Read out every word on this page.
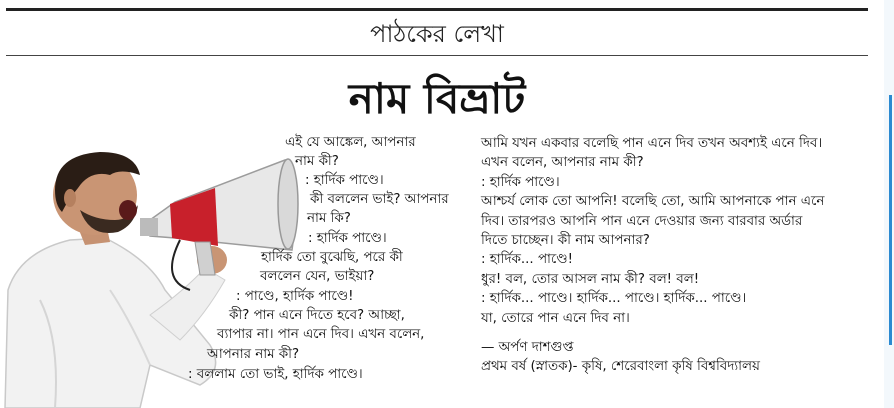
পাঠকের লেখা
নাম বিভ্রাট
এই যে আঙ্কেল, আপনার
নাম কী?
: হার্দিক পাণ্ডে।
কী বললেন ভাই? আপনার
নাম কি?
: হার্দিক পাণ্ডে।
হার্দিক তো বুঝেছি, পরে কী
বললেন যেন, ভাইয়া?
: পাণ্ডে, হার্দিক পাণ্ডে!
কী? পান এনে দিতে হবে? আচ্ছা,
ব্যাপার না। পান এনে দিব। এখন বলেন,
আপনার নাম কী?
: বললাম তো ভাই, হার্দিক পাণ্ডে।

আমি যখন একবার বলেছি পান এনে দিব তখন অবশ্যই এনে দিব।

এখন বলেন, আপনার নাম কী?

: হার্দিক পাণ্ডে।

আশ্চর্য লোক তো আপনি! বলেছি তো, আমি আপনাকে পান এনে

দিব। তারপরও আপনি পান এনে দেওয়ার জন্য বারবার অর্ডার

দিতে চাচ্ছেন। কী নাম আপনার?

: হার্দিক... পাণ্ডে!

ধুর! বল, তোর আসল নাম কী? বল! বল!

: হার্দিক... পাণ্ডে। হার্দিক... পাণ্ডে। হার্দিক... পাণ্ডে।

যা, তোরে পান এনে দিব না।

— অর্পণ দাশগুপ্ত

প্রথম বর্ষ (স্নাতক)- কৃষি, শেরেবাংলা কৃষি বিশ্ববিদ্যালয়
